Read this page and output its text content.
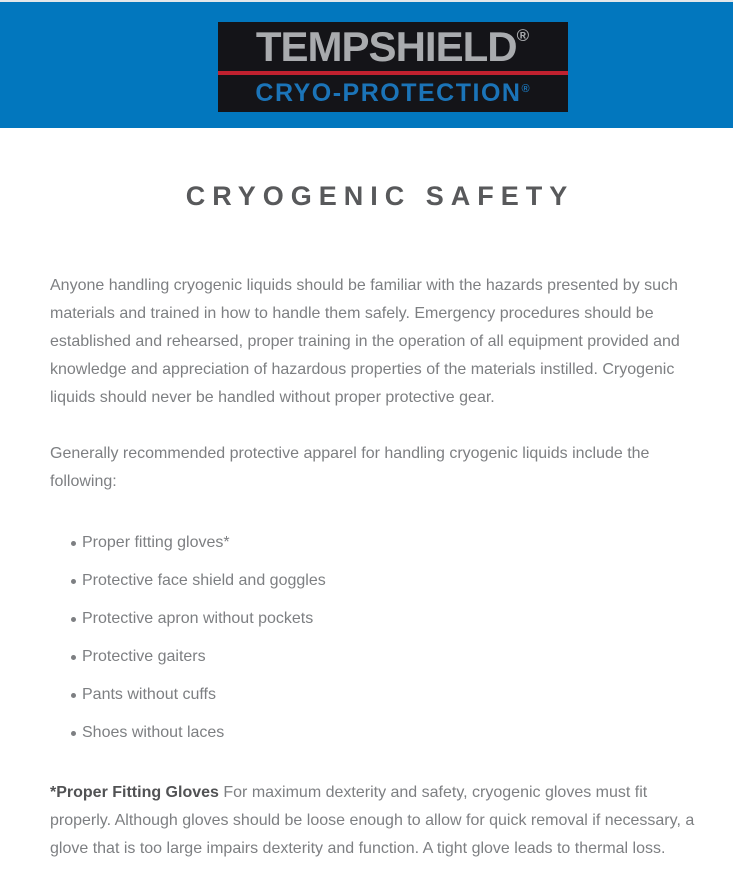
TEMPSHIELD®
CRYO-PROTECTION®
CRYOGENIC SAFETY

Anyone handling cryogenic liquids should be familiar with the hazards presented by such materials and trained in how to handle them safely. Emergency procedures should be established and rehearsed, proper training in the operation of all equipment provided and knowledge and appreciation of hazardous properties of the materials instilled. Cryogenic liquids should never be handled without proper protective gear.

Generally recommended protective apparel for handling cryogenic liquids include the following:

Proper fitting gloves*
Protective face shield and goggles
Protective apron without pockets
Protective gaiters
Pants without cuffs
Shoes without laces

*Proper Fitting Gloves For maximum dexterity and safety, cryogenic gloves must fit properly. Although gloves should be loose enough to allow for quick removal if necessary, a glove that is too large impairs dexterity and function. A tight glove leads to thermal loss.
